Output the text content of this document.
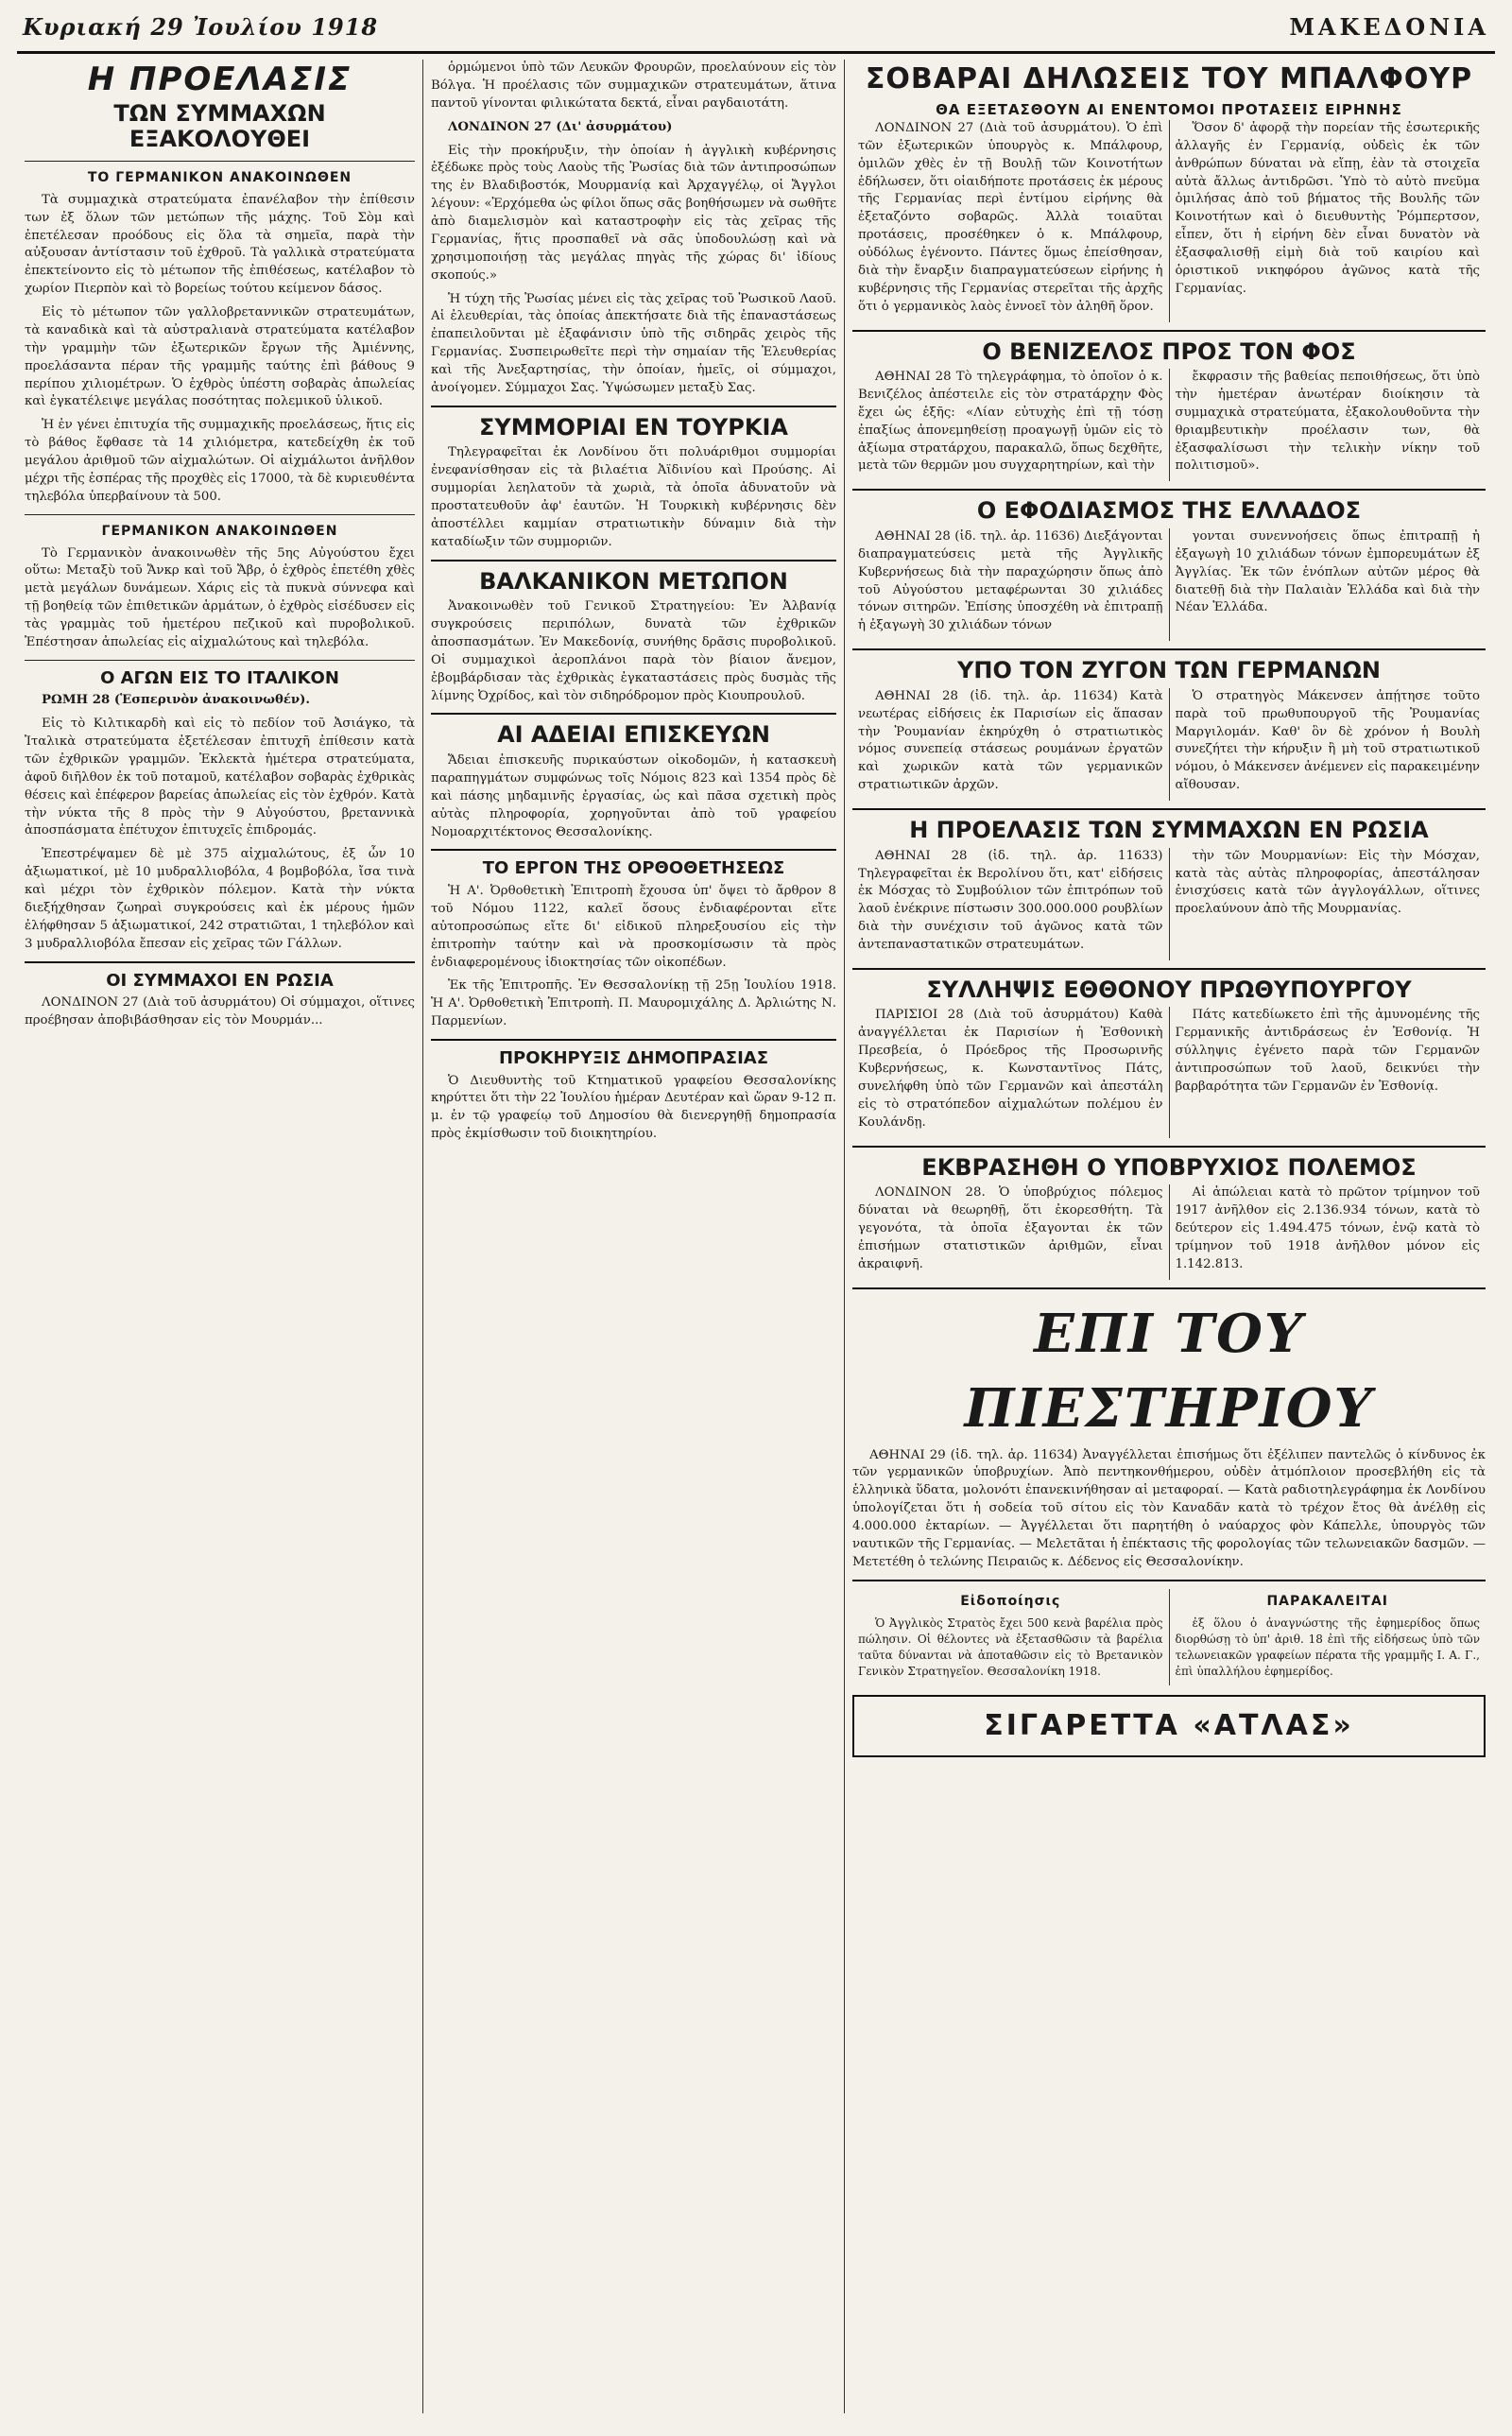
Κυριακή 29 Ἰουλίου 1918	ΜΑΚΕΔΟΝΙΑ
Η ΠΡΟΕΛΑΣΙΣ
ΤΩΝ ΣΥΜΜΑΧΩΝ ΕΞΑΚΟΛΟΥΘΕΙ
ΤΟ ΓΕΡΜΑΝΙΚΟΝ ΑΝΑΚΟΙΝΩΘΕΝ

Τὰ συμμαχικὰ στρατεύματα ἐπανέλαβον τὴν ἐπίθεσιν των ἐξ ὅλων τῶν μετώπων τῆς μάχης. Τοῦ Σὸμ καὶ ἐπετέλεσαν προόδους εἰς ὅλα τὰ σημεῖα, παρὰ τὴν αὐξουσαν ἀντίστασιν τοῦ ἐχθροῦ. Τὰ γαλλικὰ στρατεύματα ἐπεκτείνοντο εἰς τὸ μέτωπον τῆς ἐπιθέσεως, κατέλαβον τὸ χωρίον Πιερπὸν καὶ τὸ βορείως τούτου κείμενον δάσος.

Εἰς τὸ μέτωπον τῶν γαλλοβρεταννικῶν στρατευμάτων, τὰ καναδικὰ καὶ τὰ αὐστραλιανὰ στρατεύματα κατέλαβον τὴν γραμμὴν τῶν ἐξωτερικῶν ἔργων τῆς Ἀμιέννης, προελάσαντα πέραν τῆς γραμμῆς ταύτης ἐπὶ βάθους 9 περίπου χιλιομέτρων. Ὁ ἐχθρὸς ὑπέστη σοβαρὰς ἀπωλείας καὶ ἐγκατέλειψε μεγάλας ποσότητας πολεμικοῦ ὑλικοῦ.

Ἡ ἐν γένει ἐπιτυχία τῆς συμμαχικῆς προελάσεως, ἥτις εἰς τὸ βάθος ἔφθασε τὰ 14 χιλιόμετρα, κατεδείχθη ἐκ τοῦ μεγάλου ἀριθμοῦ τῶν αἰχμαλώτων. Οἱ αἰχμάλωτοι ἀνῆλθον μέχρι τῆς ἑσπέρας τῆς προχθὲς εἰς 17000, τὰ δὲ κυριευθέντα τηλεβόλα ὑπερβαίνουν τὰ 500.

ΓΕΡΜΑΝΙΚΟΝ ΑΝΑΚΟΙΝΩΘΕΝ

Τὸ Γερμανικὸν ἀνακοινωθὲν τῆς 5ης Αὐγούστου ἔχει οὕτω: Μεταξὺ τοῦ Ἄνκρ καὶ τοῦ Ἄβρ, ὁ ἐχθρὸς ἐπετέθη χθὲς μετὰ μεγάλων δυνάμεων. Χάρις εἰς τὰ πυκνὰ σύννεφα καὶ τῇ βοηθείᾳ τῶν ἐπιθετικῶν ἁρμάτων, ὁ ἐχθρὸς εἰσέδυσεν εἰς τὰς γραμμὰς τοῦ ἡμετέρου πεζικοῦ καὶ πυροβολικοῦ. Ἐπέστησαν ἀπωλείας εἰς αἰχμαλώτους καὶ τηλεβόλα.

Ο ΑΓΩΝ ΕΙΣ ΤΟ ΙΤΑΛΙΚΟΝ

ΡΩΜΗ 28 (Ἑσπερινὸν ἀνακοινωθέν).

Εἰς τὸ Κιλτικαρδὴ καὶ εἰς τὸ πεδίον τοῦ Ἀσιάγκο, τὰ Ἰταλικὰ στρατεύματα ἐξετέλεσαν ἐπιτυχῆ ἐπίθεσιν κατὰ τῶν ἐχθρικῶν γραμμῶν. Ἐκλεκτὰ ἡμέτερα στρατεύματα, ἀφοῦ διῆλθον ἐκ τοῦ ποταμοῦ, κατέλαβον σοβαρὰς ἐχθρικὰς θέσεις καὶ ἐπέφερον βαρείας ἀπωλείας εἰς τὸν ἐχθρόν. Κατὰ τὴν νύκτα τῆς 8 πρὸς τὴν 9 Αὐγούστου, βρεταννικὰ ἀποσπάσματα ἐπέτυχον ἐπιτυχεῖς ἐπιδρομάς.

Ἐπεστρέψαμεν δὲ μὲ 375 αἰχμαλώτους, ἐξ ὧν 10 ἀξιωματικοί, μὲ 10 μυδραλλιοβόλα, 4 βομβοβόλα, ἴσα τινὰ καὶ μέχρι τὸν ἐχθρικὸν πόλεμον. Κατὰ τὴν νύκτα διεξήχθησαν ζωηραὶ συγκρούσεις καὶ ἐκ μέρους ἡμῶν ἐλήφθησαν 5 ἀξιωματικοί, 242 στρατιῶται, 1 τηλεβόλον καὶ 3 μυδραλλιοβόλα ἔπεσαν εἰς χεῖρας τῶν Γάλλων.

ΟΙ ΣΥΜΜΑΧΟΙ ΕΝ ΡΩΣΙΑ

ΛΟΝΔΙΝΟΝ 27 (Διὰ τοῦ ἀσυρμάτου) Οἱ σύμμαχοι, οἵτινες προέβησαν ἀποβιβάσθησαν εἰς τὸν Μουρμάν...

ὁρμώμενοι ὑπὸ τῶν Λευκῶν Φρουρῶν, προελαύνουν εἰς τὸν Βόλγα. Ἡ προέλασις τῶν συμμαχικῶν στρατευμάτων, ἅτινα παντοῦ γίνονται φιλικώτατα δεκτά, εἶναι ραγδαιοτάτη.

ΛΟΝΔΙΝΟΝ 27 (Δι' ἀσυρμάτου)

Εἰς τὴν προκήρυξιν, τὴν ὁποίαν ἡ ἀγγλικὴ κυβέρνησις ἐξέδωκε πρὸς τοὺς Λαοὺς τῆς Ῥωσίας διὰ τῶν ἀντιπροσώπων της ἐν Βλαδιβοστόκ, Μουρμανίᾳ καὶ Ἀρχαγγέλῳ, οἱ Ἄγγλοι λέγουν: «Ἐρχόμεθα ὡς φίλοι ὅπως σᾶς βοηθήσωμεν νὰ σωθῆτε ἀπὸ διαμελισμὸν καὶ καταστροφὴν εἰς τὰς χεῖρας τῆς Γερμανίας, ἥτις προσπαθεῖ νὰ σᾶς ὑποδουλώσῃ καὶ νὰ χρησιμοποιήσῃ τὰς μεγάλας πηγὰς τῆς χώρας δι' ἰδίους σκοπούς.»

Ἡ τύχη τῆς Ῥωσίας μένει εἰς τὰς χεῖρας τοῦ Ῥωσικοῦ Λαοῦ. Αἱ ἐλευθερίαι, τὰς ὁποίας ἀπεκτήσατε διὰ τῆς ἐπαναστάσεως ἐπαπειλοῦνται μὲ ἐξαφάνισιν ὑπὸ τῆς σιδηρᾶς χειρὸς τῆς Γερμανίας. Συσπειρωθεῖτε περὶ τὴν σημαίαν τῆς Ἐλευθερίας καὶ τῆς Ἀνεξαρτησίας, τὴν ὁποίαν, ἡμεῖς, οἱ σύμμαχοι, ἀνοίγομεν. Σύμμαχοι Σας. Ὑψώσωμεν μεταξὺ Σας.

ΣΥΜΜΟΡΙΑΙ ΕΝ ΤΟΥΡΚΙΑ

Τηλεγραφεῖται ἐκ Λονδίνου ὅτι πολυάριθμοι συμμορίαι ἐνεφανίσθησαν εἰς τὰ βιλαέτια Ἀϊδινίου καὶ Προύσης. Αἱ συμμορίαι λεηλατοῦν τὰ χωριὰ, τὰ ὁποῖα ἀδυνατοῦν νὰ προστατευθοῦν ἀφ' ἑαυτῶν. Ἡ Τουρκικὴ κυβέρνησις δὲν ἀποστέλλει καμμίαν στρατιωτικὴν δύναμιν διὰ τὴν καταδίωξιν τῶν συμμοριῶν.

ΒΑΛΚΑΝΙΚΟΝ ΜΕΤΩΠΟΝ

Ἀνακοινωθὲν τοῦ Γενικοῦ Στρατηγείου: Ἐν Ἀλβανίᾳ συγκρούσεις περιπόλων, δυνατὰ τῶν ἐχθρικῶν ἀποσπασμάτων. Ἐν Μακεδονίᾳ, συνήθης δρᾶσις πυροβολικοῦ. Οἱ συμμαχικοὶ ἀεροπλάνοι παρὰ τὸν βίαιον ἄνεμον, ἐβομβάρδισαν τὰς ἐχθρικὰς ἐγκαταστάσεις πρὸς δυσμὰς τῆς λίμνης Ὀχρίδος, καὶ τὸν σιδηρόδρομον πρὸς Κιουπρουλοῦ.

ΑΙ ΑΔΕΙΑΙ ΕΠΙΣΚΕΥΩΝ

Ἄδειαι ἐπισκευῆς πυρικαύστων οἰκοδομῶν, ἡ κατασκευὴ παραπηγμάτων συμφώνως τοῖς Νόμοις 823 καὶ 1354 πρὸς δὲ καὶ πάσης μηδαμινῆς ἐργασίας, ὡς καὶ πᾶσα σχετικὴ πρὸς αὐτὰς πληροφορία, χορηγοῦνται ἀπὸ τοῦ γραφείου Νομοαρχιτέκτονος Θεσσαλονίκης.

ΤΟ ΕΡΓΟΝ ΤΗΣ ΟΡΘΟΘΕΤΗΣΕΩΣ

Ἡ Α'. Ὀρθοθετικὴ Ἐπιτροπὴ ἔχουσα ὑπ' ὄψει τὸ ἄρθρον 8 τοῦ Νόμου 1122, καλεῖ ὅσους ἐνδιαφέρονται εἴτε αὐτοπροσώπως εἴτε δι' εἰδικοῦ πληρεξουσίου εἰς τὴν ἐπιτροπὴν ταύτην καὶ νὰ προσκομίσωσιν τὰ πρὸς ἐνδιαφερομένους ἰδιοκτησίας τῶν οἰκοπέδων.

Ἐκ τῆς Ἐπιτροπῆς. Ἐν Θεσσαλονίκῃ τῇ 25ῃ Ἰουλίου 1918. Ἡ Α'. Ὀρθοθετικὴ Ἐπιτροπὴ. Π. Μαυρομιχάλης Δ. Ἀρλιώτης Ν. Παρμενίων.

ΠΡΟΚΗΡΥΞΙΣ ΔΗΜΟΠΡΑΣΙΑΣ

Ὁ Διευθυντὴς τοῦ Κτηματικοῦ γραφείου Θεσσαλονίκης κηρύττει ὅτι τὴν 22 Ἰουλίου ἡμέραν Δευτέραν καὶ ὥραν 9-12 π. μ. ἐν τῷ γραφείῳ τοῦ Δημοσίου θὰ διενεργηθῇ δημοπρασία πρὸς ἐκμίσθωσιν τοῦ διοικητηρίου.

ΣΟΒΑΡΑΙ ΔΗΛΩΣΕΙΣ ΤΟΥ ΜΠΑΛΦΟΥΡ
ΘΑ ΕΞΕΤΑΣΘΟΥΝ ΑΙ ΕΝΕΝΤΟΜΟΙ ΠΡΟΤΑΣΕΙΣ ΕΙΡΗΝΗΣ

ΛΟΝΔΙΝΟΝ 27 (Διὰ τοῦ ἀσυρμάτου). Ὁ ἐπὶ τῶν ἐξωτερικῶν ὑπουργὸς κ. Μπάλφουρ, ὁμιλῶν χθὲς ἐν τῇ Βουλῇ τῶν Κοινοτήτων ἐδήλωσεν, ὅτι οἱαιδήποτε προτάσεις ἐκ μέρους τῆς Γερμανίας περὶ ἐντίμου εἰρήνης θὰ ἐξεταζόντο σοβαρῶς. Ἀλλὰ τοιαῦται προτάσεις, προσέθηκεν ὁ κ. Μπάλφουρ, οὐδόλως ἐγένοντο. Πάντες ὅμως ἐπείσθησαν, διὰ τὴν ἔναρξιν διαπραγματεύσεων εἰρήνης ἡ κυβέρνησις τῆς Γερμανίας στερεῖται τῆς ἀρχῆς ὅτι ὁ γερμανικὸς λαὸς ἐννοεῖ τὸν ἀληθῆ ὅρον.

Ὅσον δ' ἀφορᾷ τὴν πορείαν τῆς ἐσωτερικῆς ἀλλαγῆς ἐν Γερμανίᾳ, οὐδεὶς ἐκ τῶν ἀνθρώπων δύναται νὰ εἴπῃ, ἐὰν τὰ στοιχεῖα αὐτὰ ἄλλως ἀντιδρῶσι. Ὑπὸ τὸ αὐτὸ πνεῦμα ὁμιλήσας ἀπὸ τοῦ βήματος τῆς Βουλῆς τῶν Κοινοτήτων καὶ ὁ διευθυντὴς Ῥόμπερτσον, εἶπεν, ὅτι ἡ εἰρήνη δὲν εἶναι δυνατὸν νὰ ἐξασφαλισθῇ εἰμὴ διὰ τοῦ καιρίου καὶ ὁριστικοῦ νικηφόρου ἀγῶνος κατὰ τῆς Γερμανίας.

Ο ΒΕΝΙΖΕΛΟΣ ΠΡΟΣ ΤΟΝ ΦΟΣ

ΑΘΗΝΑΙ 28 Τὸ τηλεγράφημα, τὸ ὁποῖον ὁ κ. Βενιζέλος ἀπέστειλε εἰς τὸν στρατάρχην Φὸς ἔχει ὡς ἑξῆς: «Λίαν εὐτυχὴς ἐπὶ τῇ τόσῃ ἐπαξίως ἀπονεμηθείσῃ προαγωγῇ ὑμῶν εἰς τὸ ἀξίωμα στρατάρχου, παρακαλῶ, ὅπως δεχθῆτε, μετὰ τῶν θερμῶν μου συγχαρητηρίων, καὶ τὴν

ἔκφρασιν τῆς βαθείας πεποιθήσεως, ὅτι ὑπὸ τὴν ἡμετέραν ἀνωτέραν διοίκησιν τὰ συμμαχικὰ στρατεύματα, ἐξακολουθοῦντα τὴν θριαμβευτικὴν προέλασιν των, θὰ ἐξασφαλίσωσι τὴν τελικὴν νίκην τοῦ πολιτισμοῦ».

Ο ΕΦΟΔΙΑΣΜΟΣ ΤΗΣ ΕΛΛΑΔΟΣ

ΑΘΗΝΑΙ 28 (ἰδ. τηλ. ἀρ. 11636) Διεξάγονται διαπραγματεύσεις μετὰ τῆς Ἀγγλικῆς Κυβερνήσεως διὰ τὴν παραχώρησιν ὅπως ἀπὸ τοῦ Αὐγούστου μεταφέρωνται 30 χιλιάδες τόνων σιτηρῶν. Ἐπίσης ὑποσχέθη νὰ ἐπιτραπῇ ἡ ἐξαγωγὴ 30 χιλιάδων τόνων

γονται συνεννοήσεις ὅπως ἐπιτραπῇ ἡ ἐξαγωγὴ 10 χιλιάδων τόνων ἐμπορευμάτων ἐξ Ἀγγλίας. Ἐκ τῶν ἐνόπλων αὐτῶν μέρος θὰ διατεθῇ διὰ τὴν Παλαιὰν Ἑλλάδα καὶ διὰ τὴν Νέαν Ἑλλάδα.

ΥΠΟ ΤΟΝ ΖΥΓΟΝ ΤΩΝ ΓΕΡΜΑΝΩΝ

ΑΘΗΝΑΙ 28 (ἰδ. τηλ. ἀρ. 11634) Κατὰ νεωτέρας εἰδήσεις ἐκ Παρισίων εἰς ἅπασαν τὴν Ῥουμανίαν ἐκηρύχθη ὁ στρατιωτικὸς νόμος συνεπείᾳ στάσεως ρουμάνων ἐργατῶν καὶ χωρικῶν κατὰ τῶν γερμανικῶν στρατιωτικῶν ἀρχῶν.

Ὁ στρατηγὸς Μάκενσεν ἀπῄτησε τοῦτο παρὰ τοῦ πρωθυπουργοῦ τῆς Ῥουμανίας Μαργιλομάν. Καθ' ὃν δὲ χρόνον ἡ Βουλὴ συνεζήτει τὴν κήρυξιν ἢ μὴ τοῦ στρατιωτικοῦ νόμου, ὁ Μάκενσεν ἀνέμενεν εἰς παρακειμένην αἴθουσαν.

Η ΠΡΟΕΛΑΣΙΣ ΤΩΝ ΣΥΜΜΑΧΩΝ ΕΝ ΡΩΣΙΑ

ΑΘΗΝΑΙ 28 (ἰδ. τηλ. ἀρ. 11633) Τηλεγραφεῖται ἐκ Βερολίνου ὅτι, κατ' εἰδήσεις ἐκ Μόσχας τὸ Συμβούλιον τῶν ἐπιτρόπων τοῦ λαοῦ ἐνέκρινε πίστωσιν 300.000.000 ρουβλίων διὰ τὴν συνέχισιν τοῦ ἀγῶνος κατὰ τῶν ἀντεπαναστατικῶν στρατευμάτων.

τὴν τῶν Μουρμανίων: Εἰς τὴν Μόσχαν, κατὰ τὰς αὐτὰς πληροφορίας, ἀπεστάλησαν ἐνισχύσεις κατὰ τῶν ἀγγλογάλλων, οἵτινες προελαύνουν ἀπὸ τῆς Μουρμανίας.

ΣΥΛΛΗΨΙΣ ΕΘΘΟΝΟΥ ΠΡΩΘΥΠΟΥΡΓΟΥ

ΠΑΡΙΣΙΟΙ 28 (Διὰ τοῦ ἀσυρμάτου) Καθὰ ἀναγγέλλεται ἐκ Παρισίων ἡ Ἐσθονικὴ Πρεσβεία, ὁ Πρόεδρος τῆς Προσωρινῆς Κυβερνήσεως, κ. Κωνσταντῖνος Πάτς, συνελήφθη ὑπὸ τῶν Γερμανῶν καὶ ἀπεστάλη εἰς τὸ στρατόπεδον αἰχμαλώτων πολέμου ἐν Κουλάνδῃ.

Πάτς κατεδίωκετο ἐπὶ τῆς ἀμυνομένης τῆς Γερμανικῆς ἀντιδράσεως ἐν Ἐσθονίᾳ. Ἡ σύλληψις ἐγένετο παρὰ τῶν Γερμανῶν ἀντιπροσώπων τοῦ λαοῦ, δεικνύει τὴν βαρβαρότητα τῶν Γερμανῶν ἐν Ἐσθονίᾳ.

ΕΚΒΡΑΣΗΘΗ Ο ΥΠΟΒΡΥΧΙΟΣ ΠΟΛΕΜΟΣ

ΛΟΝΔΙΝΟΝ 28. Ὁ ὑποβρύχιος πόλεμος δύναται νὰ θεωρηθῇ, ὅτι ἐκορεσθήτη. Τὰ γεγονότα, τὰ ὁποῖα ἐξαγονται ἐκ τῶν ἐπισήμων στατιστικῶν ἀριθμῶν, εἶναι ἀκραιφνῆ.

Αἱ ἀπώλειαι κατὰ τὸ πρῶτον τρίμηνον τοῦ 1917 ἀνῆλθον εἰς 2.136.934 τόνων, κατὰ τὸ δεύτερον εἰς 1.494.475 τόνων, ἐνῷ κατὰ τὸ τρίμηνον τοῦ 1918 ἀνῆλθον μόνον εἰς 1.142.813.

ΕΠΙ ΤΟΥ ΠΙΕΣΤΗΡΙΟΥ

ΑΘΗΝΑΙ 29 (ἰδ. τηλ. ἀρ. 11634) Ἀναγγέλλεται ἐπισήμως ὅτι ἐξέλιπεν παντελῶς ὁ κίνδυνος ἐκ τῶν γερμανικῶν ὑποβρυχίων. Ἀπὸ πεντηκονθήμερου, οὐδὲν ἀτμόπλοιον προσεβλήθη εἰς τὰ ἑλληνικὰ ὕδατα, μολονότι ἐπανεκινήθησαν αἱ μεταφοραί. — Κατὰ ραδιοτηλεγράφημα ἐκ Λονδίνου ὑπολογίζεται ὅτι ἡ σοδεία τοῦ σίτου εἰς τὸν Καναδᾶν κατὰ τὸ τρέχον ἔτος θὰ ἀνέλθῃ εἰς 4.000.000 ἐκταρίων. — Ἀγγέλλεται ὅτι παρητήθη ὁ ναύαρχος φὸν Κάπελλε, ὑπουργὸς τῶν ναυτικῶν τῆς Γερμανίας. — Μελετᾶται ἡ ἐπέκτασις τῆς φορολογίας τῶν τελωνειακῶν δασμῶν. — Μετετέθη ὁ τελώνης Πειραιῶς κ. Δέδενος εἰς Θεσσαλονίκην.

Εἰδοποίησις

Ὁ Ἀγγλικὸς Στρατὸς ἔχει 500 κενὰ βαρέλια πρὸς πώλησιν. Οἱ θέλοντες νὰ ἐξετασθῶσιν τὰ βαρέλια ταῦτα δύνανται νὰ ἀποταθῶσιν εἰς τὸ Βρετανικὸν Γενικὸν Στρατηγεῖον. Θεσσαλονίκη 1918.

ΠΑΡΑΚΑΛΕΙΤΑΙ

ἐξ ὅλου ὁ ἀναγνώστης τῆς ἐφημερίδος ὅπως διορθώσῃ τὸ ὑπ' ἀριθ. 18 ἐπὶ τῆς εἰδήσεως ὑπὸ τῶν τελωνειακῶν γραφείων πέρατα τῆς γραμμῆς Ι. Α. Γ., ἐπὶ ὑπαλλήλου ἐφημερίδος.

ΣΙΓΑΡΕΤΤΑ «ΑΤΛΑΣ»
